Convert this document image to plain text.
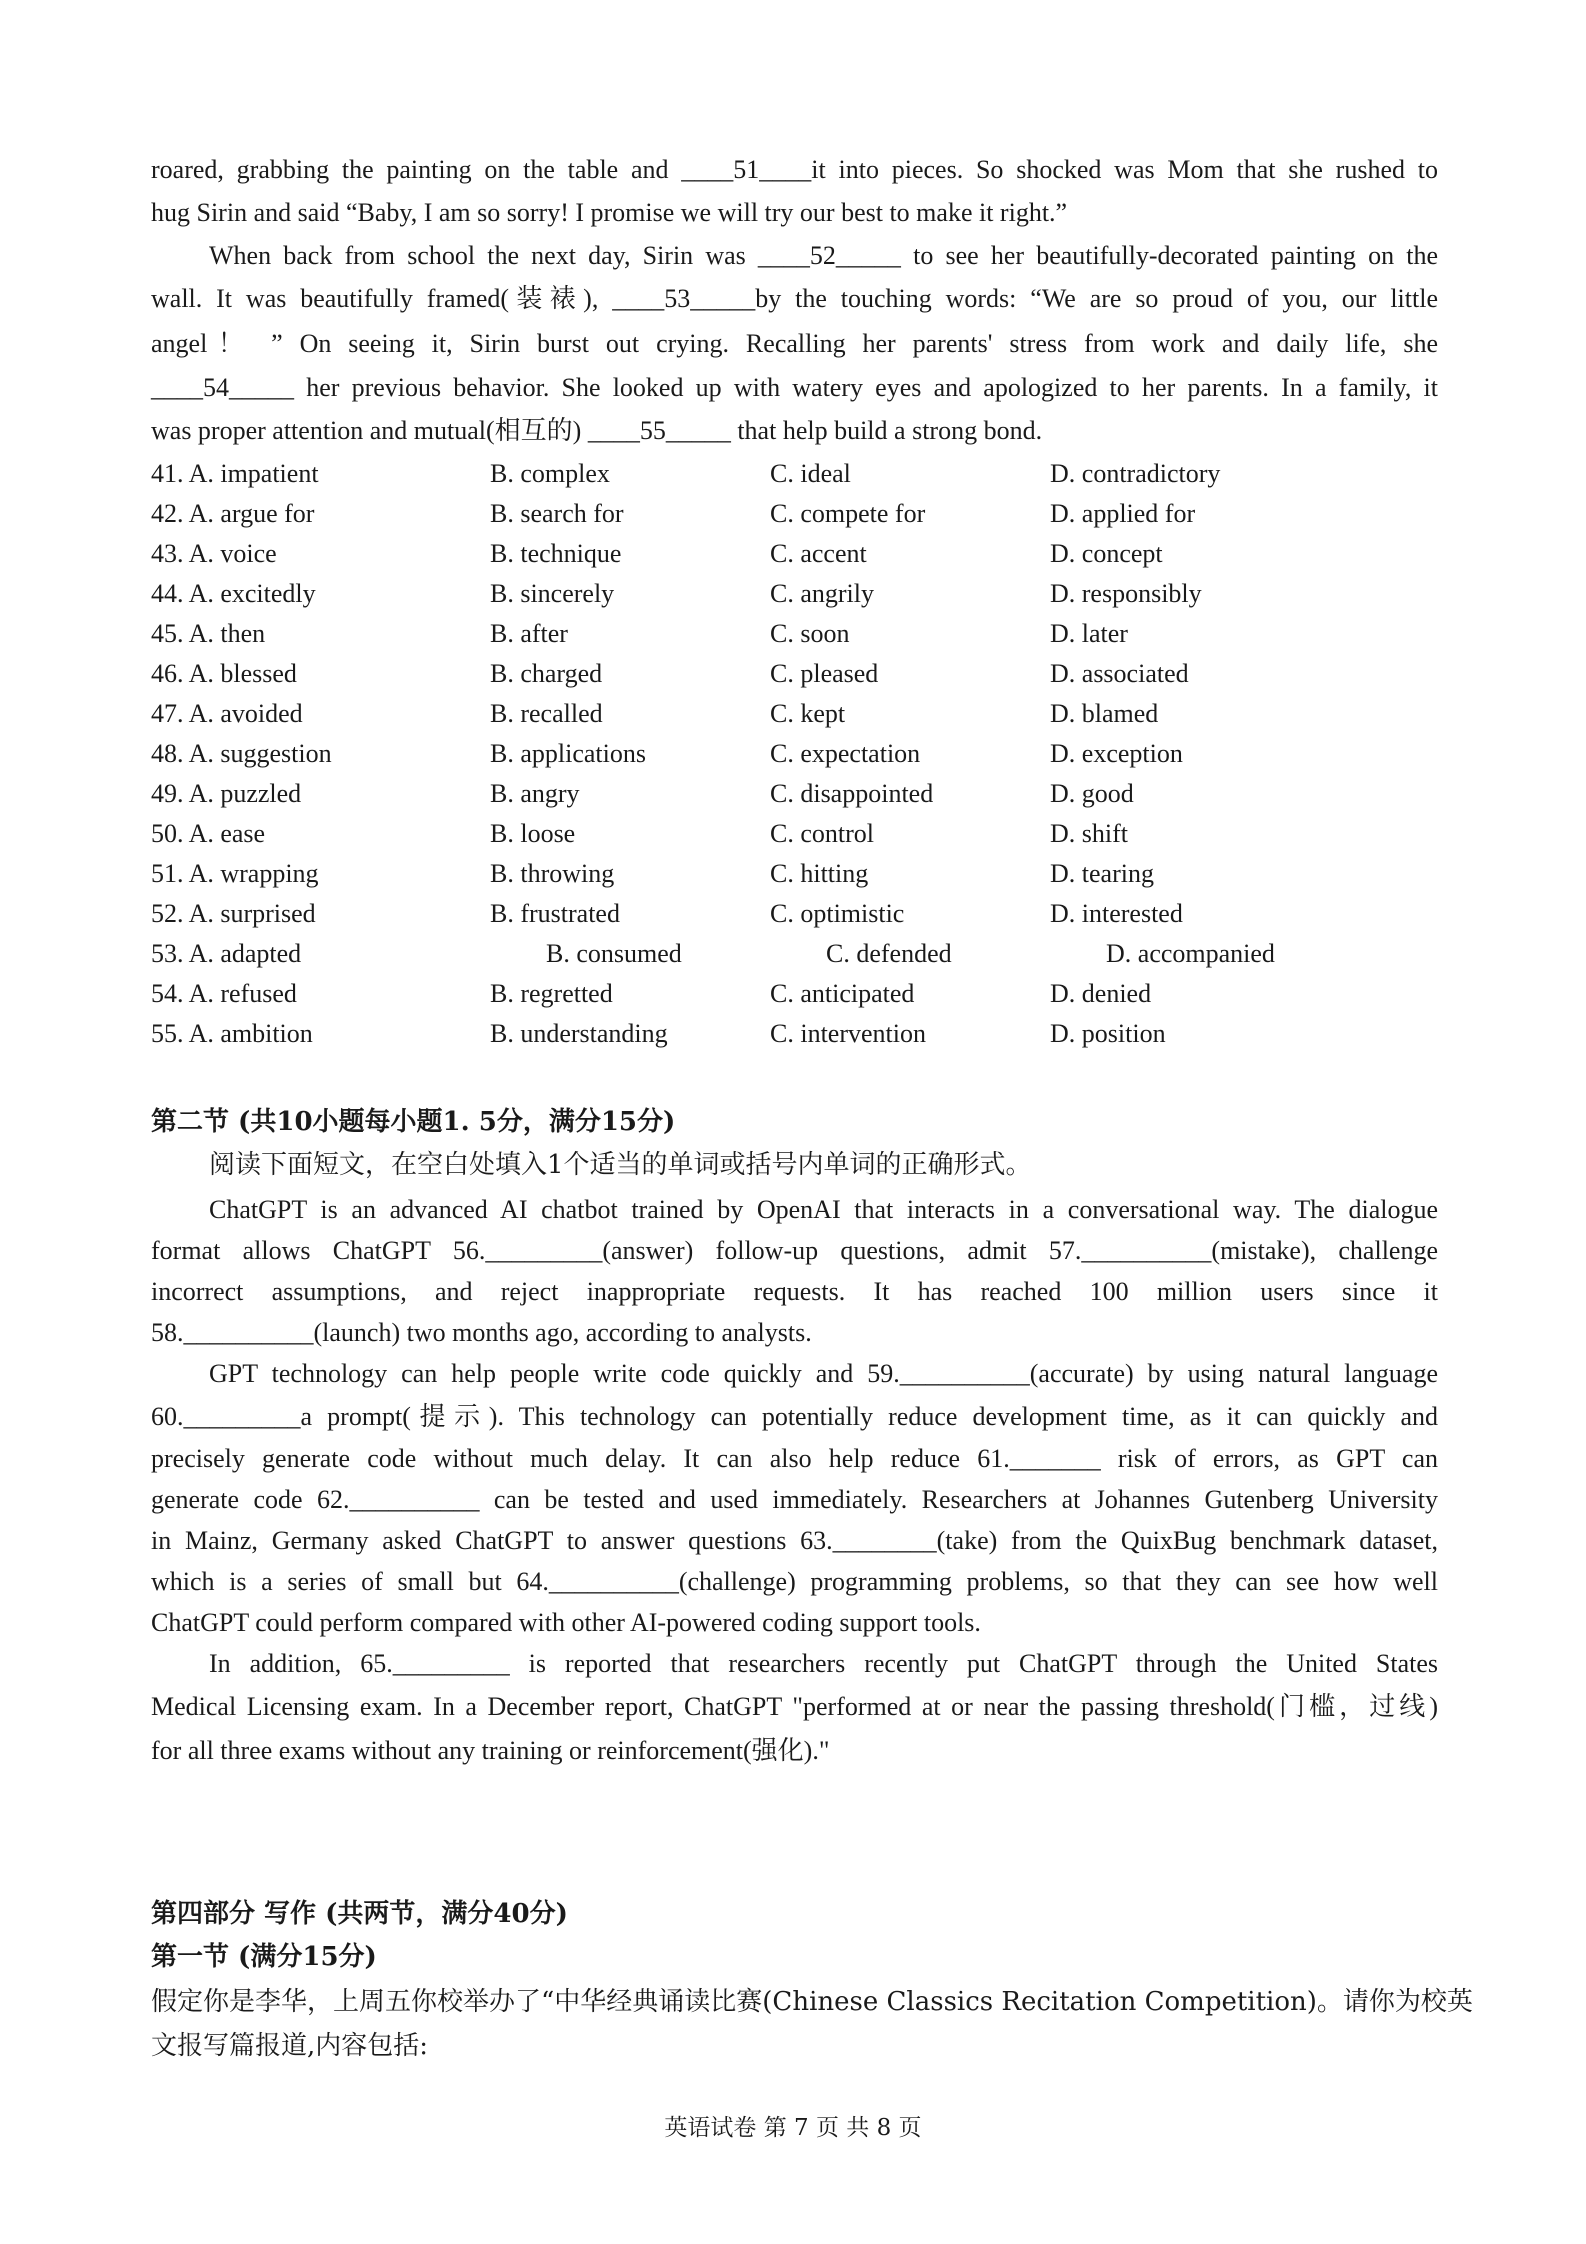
roared, grabbing the painting on the table and ____51____it into pieces. So shocked was Mom that she rushed to
hug Sirin and said “Baby, I am so sorry! I promise we will try our best to make it right.”
When back from school the next day, Sirin was ____52_____ to see her beautifully-decorated painting on the
wall. It was beautifully framed(装裱), ____53_____by the touching words: “We are so proud of you, our little
angel！ ” On seeing it, Sirin burst out crying. Recalling her parents' stress from work and daily life, she
____54_____ her previous behavior. She looked up with watery eyes and apologized to her parents. In a family, it
was proper attention and mutual(相互的) ____55_____ that help build a strong bond.
41. A. impatient	B. complex	C. ideal	D. contradictory
42. A. argue for	B. search for	C. compete for	D. applied for
43. A. voice	B. technique	C. accent	D. concept
44. A. excitedly	B. sincerely	C. angrily	D. responsibly
45. A. then	B. after	C. soon	D. later
46. A. blessed	B. charged	C. pleased	D. associated
47. A. avoided	B. recalled	C. kept	D. blamed
48. A. suggestion	B. applications	C. expectation	D. exception
49. A. puzzled	B. angry	C. disappointed	D. good
50. A. ease	B. loose	C. control	D. shift
51. A. wrapping	B. throwing	C. hitting	D. tearing
52. A. surprised	B. frustrated	C. optimistic	D. interested
53. A. adapted	B. consumed	C. defended	D. accompanied
54. A. refused	B. regretted	C. anticipated	D. denied
55. A. ambition	B. understanding	C. intervention	D. position
第二节 (共10小题每小题1. 5分，满分15分)
阅读下面短文，在空白处填入1个适当的单词或括号内单词的正确形式。
ChatGPT is an advanced AI chatbot trained by OpenAI that interacts in a conversational way. The dialogue
format allows ChatGPT 56._________(answer) follow-up questions, admit 57.__________(mistake), challenge
incorrect assumptions, and reject inappropriate requests. It has reached 100 million users since it
58.__________(launch) two months ago, according to analysts.
GPT technology can help people write code quickly and 59.__________(accurate) by using natural language
60._________a prompt(提示). This technology can potentially reduce development time, as it can quickly and
precisely generate code without much delay. It can also help reduce 61._______ risk of errors, as GPT can
generate code 62.__________ can be tested and used immediately. Researchers at Johannes Gutenberg University
in Mainz, Germany asked ChatGPT to answer questions 63.________(take) from the QuixBug benchmark dataset,
which is a series of small but 64.__________(challenge) programming problems, so that they can see how well
ChatGPT could perform compared with other AI-powered coding support tools.
In addition, 65._________ is reported that researchers recently put ChatGPT through the United States
Medical Licensing exam. In a December report, ChatGPT "performed at or near the passing threshold(门槛，过线)
for all three exams without any training or reinforcement(强化)."
第四部分 写作 (共两节，满分40分)
第一节 (满分15分)
假定你是李华，上周五你校举办了“中华经典诵读比赛(Chinese Classics Recitation Competition)。请你为校英
文报写篇报道,内容包括:
英语试卷 第 7 页 共 8 页
